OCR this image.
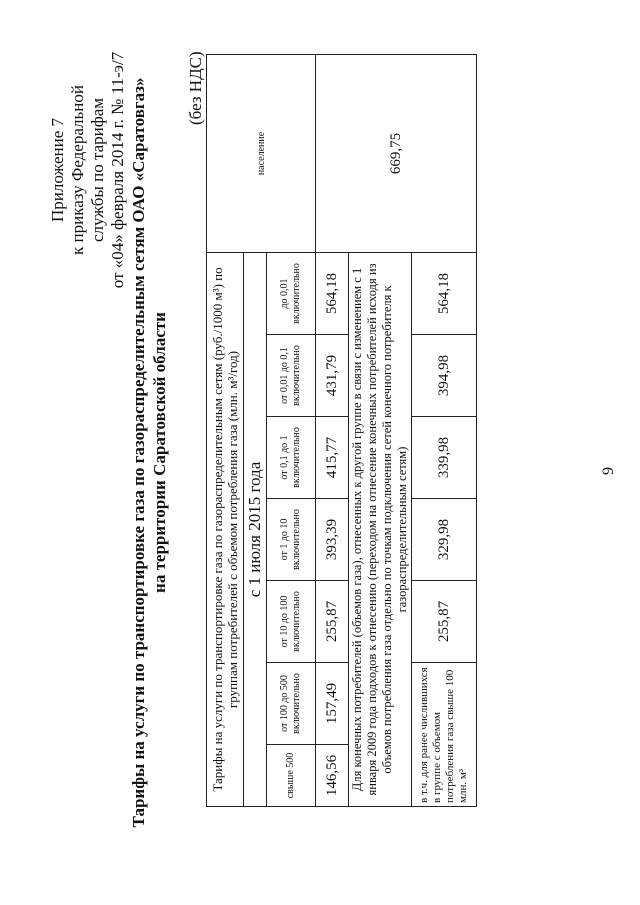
Приложение 7 к приказу Федеральной службы по тарифам от «04» февраля 2014 г. № 11-э/7 Тарифы на услуги по транспортировке газа по газораспределительным сетям ОАО «Саратовгаз» на территории Саратовской области
(без НДС)
Тарифы на услуги по транспортировке газа по газораспределительным сетям (руб./1000 м³) по группам потребителей с объемом потребления газа (млн. м³/год)							население
с 1 июля 2015 года							
свыше 500	от 100 до 500 включительно	от 10 до 100 включительно	от 1 до 10 включительно	от 0,1 до 1 включительно	от 0,01 до 0,1 включительно	до 0,01 включительно	
146,56	157,49	255,87	393,39	415,77	431,79	564,18	669,75
Для конечных потребителей (объемов газа), отнесенных к другой группе в связи с изменением с 1 января 2009 года подходов к отнесению (переходом на отнесение конечных потребителей исходя из объемов потребления газа отдельно по точкам подключения сетей конечного потребителя к газораспределительным сетям)							
в т.ч. для ранее числившихся в группе с объемом потребления газа свыше 100 млн. м³		255,87	329,98	339,98	394,98	564,18	
9
